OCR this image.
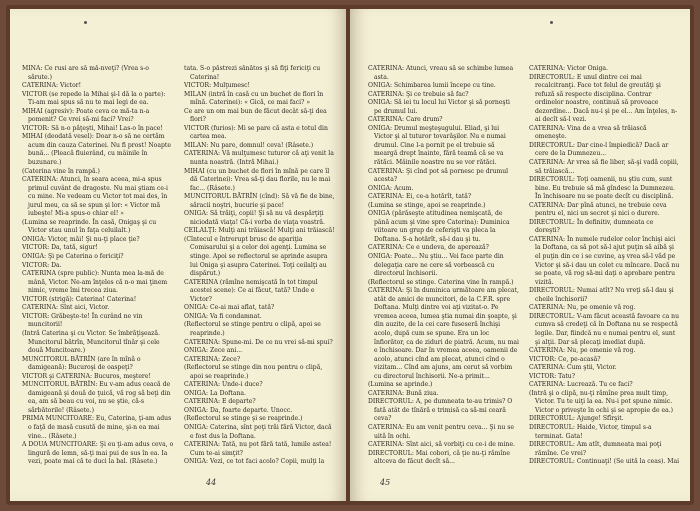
MINA: Ce rusi are să mă-nveţi? (Vrea s-o sărute.)

CATERINA: Victor!

VICTOR (se repede la Mihai şi-l dă la o parte): Ti-am mai spus să nu te mai legi de ea.

MIHAI (agresiv): Poate ceva ce mă-ta n-a pomenit? Ce vrei să-mi faci? Vrei?

VICTOR: Să n-o păţeşti, Mihai! Las-o în pace!

MIHAI (deodată vesel): Doar n-o să ne certăm acum din cauza Caterinei. Nu fi prost! Noapte bună... (Pleacă fluierând, cu mâinile în buzunare.)

(Caterina vine în rampă.)

CATERINA: Atunci, în seara aceea, mi-a spus primul cuvânt de dragoste. Nu mai ştiam ce-i cu mine. Ne vedeam cu Victor tot mai des, în jurul meu, ca să se spun şi lor: « Victor mă iubeşte! Mi-a spus-o chiar el! »

(Lumina se reaprinde. În casă, Onigaş şi cu Victor stau unul în faţa celuilalt.)

ONIGA: Victor, măi! Şi nu-ţi place ţie?

VICTOR: Da, tată, sigur!

ONIGA: Şi pe Caterina o fericiţi?

VICTOR: Da.

CATERINA (spre public): Nunta mea la-mă de mână, Victor. Ne-am înţeles că n-o mai ţinem nimic, vreme îmi trecea ziua.

VICTOR (strigă): Caterina! Caterina!

CATERINA: Sînt aici, Victor.

VICTOR: Grăbeşte-te! În curând ne vin muncitorii!

(Intră Caterina şi cu Victor. Se îmbrăţişează. Muncitorul bătrîn, Muncitorul tînăr şi cele două Muncitoare.)

MUNCITORUL BĂTRÎN (are în mînă o damigeană): Bucuroşi de oaspeţi?

VICTOR şi CATERINA: Bucuros, meşterе!

MUNCITORUL BĂTRÎN: Eu v-am adus ceacă de damigeană şi două de ţuică, vă rog să beţi din ea, am să beau cu voi, nu se ştie, că-s sărbătorile! (Râsete.)

PRIMA MUNCITOARE: Eu, Caterina, ţi-am adus o faţă de masă cusută de mine, şi-n ea mai vine... (Râsete.)

A DOUA MUNCITOARE: Şi eu ţi-am adus ceva, o lingură de lemn, să-ţi mai pui de sus în ea. Ia vezi, poate mai că te duci la bal. (Râsete.)

tata. S-o păstrezi sănătos şi să fiţi fericiţi cu Caterina!

VICTOR: Mulţumesc!

MILAN (intră în casă cu un buchet de flori în mînă. Caterinei): « Gică, ce mai faci? »

Ce are un om mai bun de făcut decât să-ţi dea flori?

VICTOR (furios): Mi se pare că asta e totul din cartea mea.

MILAN: Nu pare, domnul! ceva! (Râsete.)

CATERINA: Vă mulţumesc tuturor că aţi venit la nunta noastră. (Intră Mihai.)

MIHAI (cu un buchet de flori în mînă pe care îl dă Caterinei): Vrea să-ţi dau florile, nu le mai fac... (Râsete.)

MUNCITORUL BĂTRÎN (cînd): Să vă fie de bine, săracii noştri, bucurie şi pace!

ONIGA: Să trăiţi, copii! Şi să nu vă despărţiţi niciodată viaţa! Că-i vorba de viaţa voastră.

CEILALŢI: Mulţi ani trăiască! Mulţi ani trăiască!

(Cîntecul e întrerupt brusc de apariţia Comisarului şi a celor doi agenţi. Lumina se stinge. Apoi se reflectorul se aprinde asupra lui Oniga şi asupra Caterinei. Toţi ceilalţi au dispărut.)

CATERINA (rămîne nemişcată în tot timpul acestei scene): Ce ai făcut, tată? Unde e Victor?

ONIGA: Ce-ai mai aflat, tată?

ONIGA: Va fi condamnat.

(Reflectorul se stinge pentru o clipă, apoi se reaprinde.)

CATERINA: Spune-mi. De ce nu vrei să-mi spui?

ONIGA: Zece ani...

CATERINA: Zece?

(Reflectorul se stinge din nou pentru o clipă, apoi se reaprinde.)

CATERINA: Unde-i duce?

ONIGA: La Doftana.

CATERINA: E departe?

ONIGA: Da, foarte departe. Unocc.

(Reflectorul se stinge şi se reaprinde.)

ONIGA: Caterina, sînt poţi trăi fără Victor, dacă e fost dus la Doftana.

CATERINA: Tată, nu pot fără tată, lumile astea! Cum te-ai simţit?

ONIGA: Vezi, ce tot faci acolo? Copii, mulţi la

44

CATERINA: Atunci, vreau să se schimbe lumea asta.

ONIGA: Schimbarea lumii începe cu tine.

CATERINA: Şi ce trebuie să fac?

ONIGA: Să iei tu locul lui Victor şi să porneşti pe drumul lui.

CATERINA: Care drum?

ONIGA: Drumul meşteşugului. Eliad, şi lui Victor şi al tuturor tovarăşilor. Nu e numai drumul. Cine l-a pornit pe el trebuie să meargă drept înainte, fără teamă că se va rătăci. Mâinile noastre nu se vor rătăci.

CATERINA: Şi cînd pot să pornesc pe drumul acesta?

ONIGA: Acum.

CATERINA: Ei, ce-a hotărît, tată?

(Lumina se stinge, apoi se reaprinde.)

ONIGA (părăseşte atitudinea nemişcată, de până acum şi vine spre Caterina): Duminica viitoare un grup de ceferişti va pleca la Doftana. S-a hotărît, să-i dau şi tu.

CATERINA: Ce e undeva, de aperează?

ONIGA: Poate... Nu ştiu... Vei face parte din delegaţia care ne cere să vorbească cu directorul închisorii.

(Reflectorul se stinge. Caterina vine în rampă.)

CATERINA: Şi în duminica următoare am plecat, atât de amici de muncitori, de la C.F.R. spre Doftana. Mulţi dintre voi aţi vizitat-o. Pe vremea aceea, lumea ştia numai din şoapte, şi din auzite, de la cei care fuseseră închişi acolo, după cum se spune. Era un loc înfiorător, ca de ziduri de piatră. Acum, nu mai e închisoare. Dar în vremea aceea, oamenii de acolo, atunci cînd am plecat, atunci cînd o vizitam... Cînd am ajuns, am cerut să vorbim cu directorul închisorii. Ne-a primit...

(Lumina se aprinde.)

CATERINA: Bună ziua.

DIRECTORUL: A, pe dumneata te-au trimis? O fată atât de tînără e trimisă ca să-mi ceară ceva?

CATERINA: Eu am venit pentru ceva... Şi nu se uită în ochi.

CATERINA: Sînt aici, să vorbiţi cu ce-i de mine.

DIRECTORUL: Mai cobori, că ţie nu-ţi rămîne altceva de făcut decît să...

CATERINA: Victor Oniga.

DIRECTORUL: E unul dintre cei mai recalcitranţi. Face tot felul de greutăţi şi refuză să respecte disciplina. Contrar ordinelor noastre, continuă să provoace dezordine... Dacă nu-i şi pe el... Am înţeles, n-ai decît să-l vezi.

CATERINA: Vina de a vrea să trăiască omeneşte.

DIRECTORUL: Dar cine-l împiedică? Dacă ar cere de la Dumnezeu...

CATERINA: Ar vrea să fie liber, să-şi vadă copiii, să trăiască...

DIRECTORUL: Toţi oamenii, nu ştiu cum, sunt bine. Eu trebuie să mă gîndesc la Dumnezeu. În închisoare nu se poate decît cu disciplină.

CATERINA: Dar pînă atunci, ne trebuie ceva pentru el, nici un secret şi nici o durere.

DIRECTORUL: În definitiv, dumneata ce doreşti?

CATERINA: În numele rudelor celor închişi aici la Doftana, ca să pot să-l ajut puţin să aibă şi el puţin din ce i se cuvine, aş vrea să-l văd pe Victor şi să-i dau un colet cu mîncare. Dacă nu se poate, vă rog să-mi daţi o aprobare pentru vizită.

DIRECTORUL: Numai atît? Nu vreţi să-l dau şi cheile închisorii?

CATERINA: Nu, pe omenie vă rog.

DIRECTORUL: V-am făcut această favoare ca nu cumva să credeţi că în Doftana nu se respectă legile. Dar, fiindcă nu e numai pentru el, sunt şi alţii. Dar să plecaţi imediat după.

CATERINA: Nu, pe omenie vă rog.

VICTOR: Ce, pe-acasă?

CATERINA: Cum ştii, Victor.

VICTOR: Tatu?

CATERINA: Lucrează. Tu ce faci?

(Intră şi o clipă, nu-ţi rămîne prea mult timp, Victor. Tu te uiţi la ea. Nu-i pot spune nimic. Victor o priveşte în ochi şi se apropie de ea.)

DIRECTORUL: Ajunge! Sfîrşit.

DIRECTORUL: Haide, Victor, timpul s-a terminat. Gata!

DIRECTORUL: Am atît, dumneata mai poţi rămîne. Ce vrei?

DIRECTORUL: Continuaţi! (Se uită la ceas). Mai

45
